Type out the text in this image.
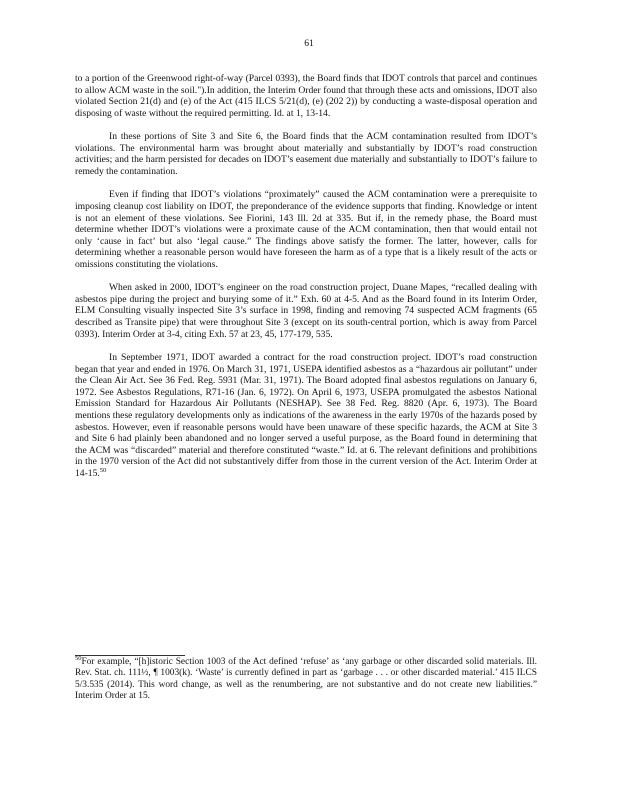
61

to a portion of the Greenwood right-of-way (Parcel 0393), the Board finds that IDOT controls that parcel and continues to allow ACM waste in the soil.").In addition, the Interim Order found that through these acts and omissions, IDOT also violated Section 21(d) and (e) of the Act (415 ILCS 5/21(d), (e) (202 2)) by conducting a waste-disposal operation and disposing of waste without the required permitting. Id. at 1, 13-14.

In these portions of Site 3 and Site 6, the Board finds that the ACM contamination resulted from IDOT’s violations. The environmental harm was brought about materially and substantially by IDOT’s road construction activities; and the harm persisted for decades on IDOT’s easement due materially and substantially to IDOT’s failure to remedy the contamination.

Even if finding that IDOT’s violations “proximately” caused the ACM contamination were a prerequisite to imposing cleanup cost liability on IDOT, the preponderance of the evidence supports that finding. Knowledge or intent is not an element of these violations. See Fiorini, 143 Ill. 2d at 335. But if, in the remedy phase, the Board must determine whether IDOT’s violations were a proximate cause of the ACM contamination, then that would entail not only ‘cause in fact’ but also ‘legal cause.” The findings above satisfy the former. The latter, however, calls for determining whether a reasonable person would have foreseen the harm as of a type that is a likely result of the acts or omissions constituting the violations.

When asked in 2000, IDOT’s engineer on the road construction project, Duane Mapes, “recalled dealing with asbestos pipe during the project and burying some of it.” Exh. 60 at 4-5. And as the Board found in its Interim Order, ELM Consulting visually inspected Site 3’s surface in 1998, finding and removing 74 suspected ACM fragments (65 described as Transite pipe) that were throughout Site 3 (except on its south-central portion, which is away from Parcel 0393). Interim Order at 3-4, citing Exh. 57 at 23, 45, 177-179, 535.

In September 1971, IDOT awarded a contract for the road construction project. IDOT’s road construction began that year and ended in 1976. On March 31, 1971, USEPA identified asbestos as a “hazardous air pollutant” under the Clean Air Act. See 36 Fed. Reg. 5931 (Mar. 31, 1971). The Board adopted final asbestos regulations on January 6, 1972. See Asbestos Regulations, R71-16 (Jan. 6, 1972). On April 6, 1973, USEPA promulgated the asbestos National Emission Standard for Hazardous Air Pollutants (NESHAP). See 38 Fed. Reg. 8820 (Apr. 6, 1973). The Board mentions these regulatory developments only as indications of the awareness in the early 1970s of the hazards posed by asbestos. However, even if reasonable persons would have been unaware of these specific hazards, the ACM at Site 3 and Site 6 had plainly been abandoned and no longer served a useful purpose, as the Board found in determining that the ACM was “discarded” material and therefore constituted “waste.” Id. at 6. The relevant definitions and prohibitions in the 1970 version of the Act did not substantively differ from those in the current version of the Act. Interim Order at 14-15.50

$^{50}$For example, “[h]istoric Section 1003 of the Act defined ‘refuse’ as ‘any garbage or other discarded solid materials. Ill. Rev. Stat. ch. 111½, ¶ 1003(k). ‘Waste’ is currently defined in part as ‘garbage . . . or other discarded material.’ 415 ILCS 5/3.535 (2014). This word change, as well as the renumbering, are not substantive and do not create new liabilities.” Interim Order at 15.
